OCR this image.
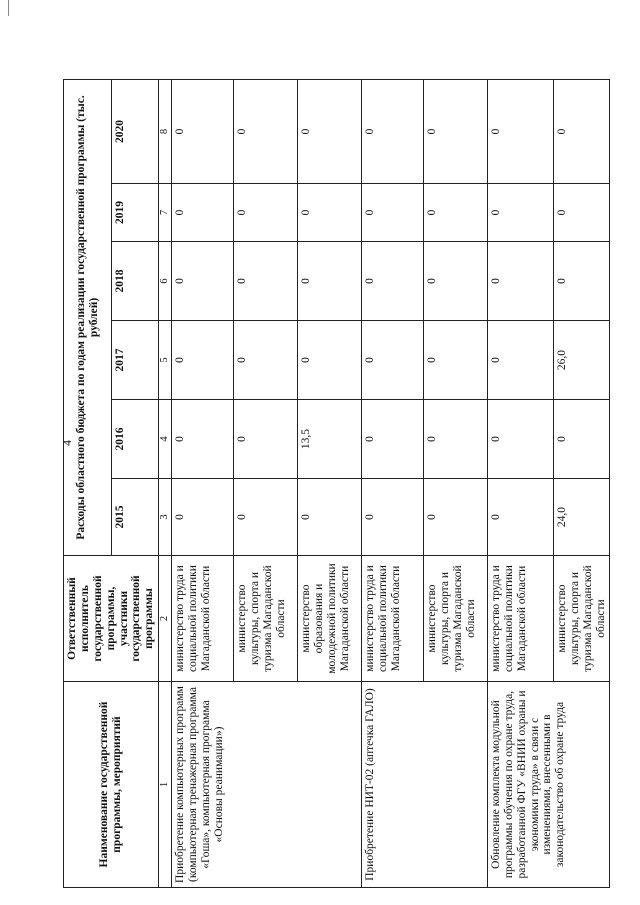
4
Наименование государственной программы, мероприятий	Ответственный исполнитель государственной программы, участники государственной программы	Расходы областного бюджета по годам реализации государственной программы (тыс. рублей)					
		2015	2016	2017	2018	2019	2020
1	2	3	4	5	6	7	8
Приобретение компьютерных программ (компьютерная тренажерная программа «Гоша», компьютерная программа «Основы реанимации»)	министерство труда и социальной политики Магаданской области	0	0	0	0	0	0
	министерство культуры, спорта и туризма Магаданской области	0	0	0	0	0	0
	министерство образования и молодежной политики Магаданской области	0	13,5	0	0	0	0
Приобретение НИТ-02 (аптечка ГАЛО)	министерство труда и социальной политики Магаданской области	0	0	0	0	0	0
	министерство культуры, спорта и туризма Магаданской области	0	0	0	0	0	0
Обновление комплекта модульной программы обучения по охране труда, разработанной ФГУ «ВНИИ охраны и экономики труда» в связи с изменениями, внесенными в законодательство об охране труда	министерство труда и социальной политики Магаданской области	0	0	0	0	0	0
	министерство культуры, спорта и туризма Магаданской области	24,0	0	26,0	0	0	0
